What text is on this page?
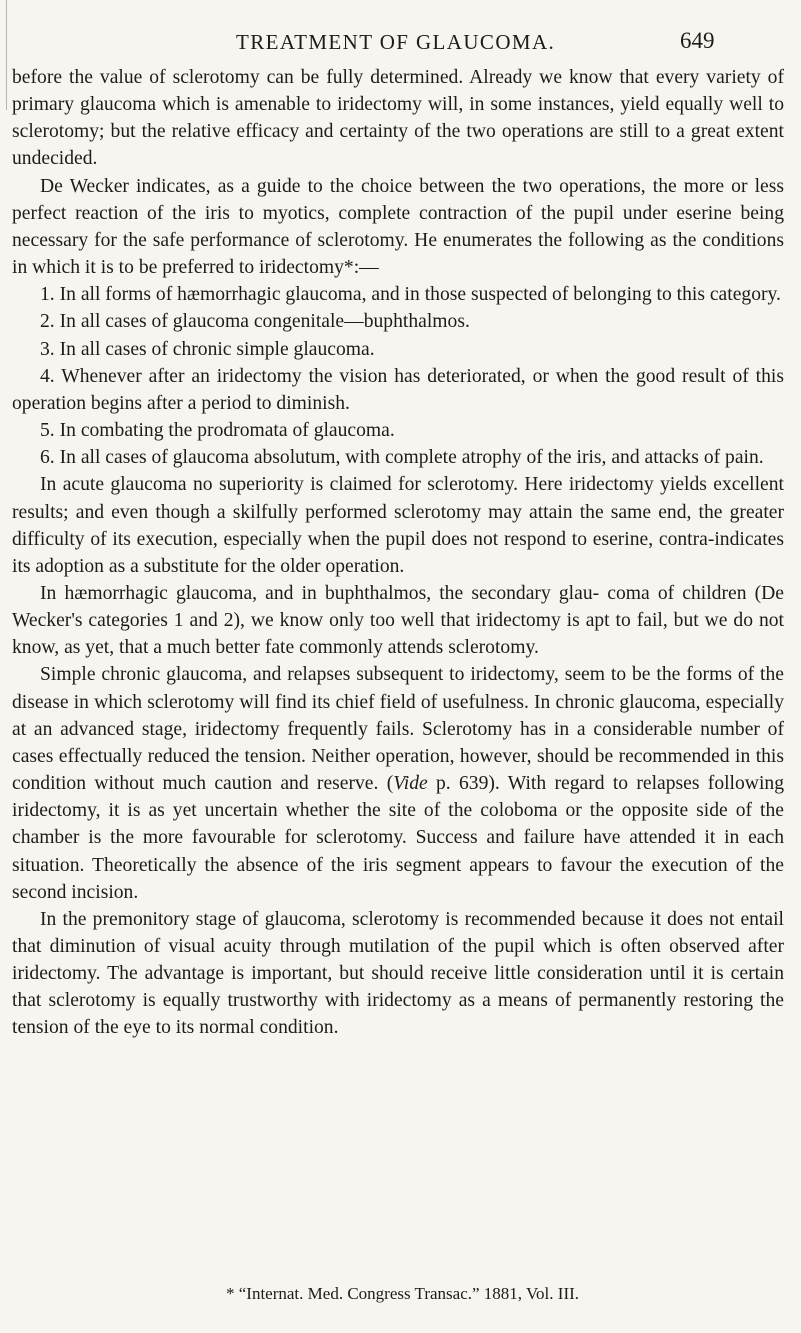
TREATMENT OF GLAUCOMA.	649

before the value of sclerotomy can be fully determined. Already we know that every variety of primary glaucoma which is amenable to iridectomy will, in some instances, yield equally well to sclerotomy; but the relative efficacy and certainty of the two operations are still to a great extent undecided.

De Wecker indicates, as a guide to the choice between the two operations, the more or less perfect reaction of the iris to myotics, complete contraction of the pupil under eserine being necessary for the safe performance of sclerotomy. He enumerates the following as the conditions in which it is to be preferred to iridectomy*:—

1. In all forms of hæmorrhagic glaucoma, and in those suspected of belonging to this category.

2. In all cases of glaucoma congenitale—buphthalmos.

3. In all cases of chronic simple glaucoma.

4. Whenever after an iridectomy the vision has deteriorated, or when the good result of this operation begins after a period to diminish.

5. In combating the prodromata of glaucoma.

6. In all cases of glaucoma absolutum, with complete atrophy of the iris, and attacks of pain.

In acute glaucoma no superiority is claimed for sclerotomy. Here iridectomy yields excellent results; and even though a skilfully performed sclerotomy may attain the same end, the greater difficulty of its execution, especially when the pupil does not respond to eserine, contra-indicates its adoption as a substitute for the older operation.

In hæmorrhagic glaucoma, and in buphthalmos, the secondary glau- coma of children (De Wecker's categories 1 and 2), we know only too well that iridectomy is apt to fail, but we do not know, as yet, that a much better fate commonly attends sclerotomy.

Simple chronic glaucoma, and relapses subsequent to iridectomy, seem to be the forms of the disease in which sclerotomy will find its chief field of usefulness. In chronic glaucoma, especially at an advanced stage, iridectomy frequently fails. Sclerotomy has in a considerable number of cases effectually reduced the tension. Neither operation, however, should be recommended in this condition without much caution and reserve. (Vide p. 639). With regard to relapses following iridectomy, it is as yet uncertain whether the site of the coloboma or the opposite side of the chamber is the more favourable for sclerotomy. Success and failure have attended it in each situation. Theoretically the absence of the iris segment appears to favour the execution of the second incision.

In the premonitory stage of glaucoma, sclerotomy is recommended because it does not entail that diminution of visual acuity through mutilation of the pupil which is often observed after iridectomy. The advantage is important, but should receive little consideration until it is certain that sclerotomy is equally trustworthy with iridectomy as a means of permanently restoring the tension of the eye to its normal condition.

* “Internat. Med. Congress Transac.” 1881, Vol. III.
